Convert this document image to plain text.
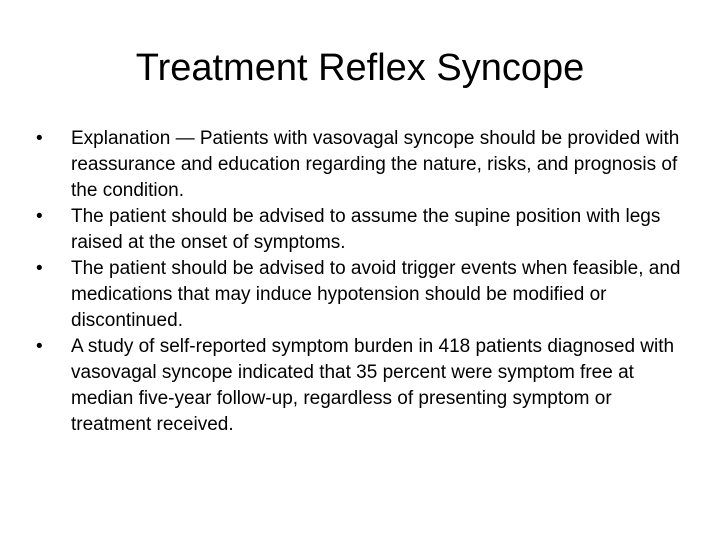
Treatment Reflex Syncope
•	Explanation — Patients with vasovagal syncope should be provided with reassurance and education regarding the nature, risks, and prognosis of the condition.
•	The patient should be advised to assume the supine position with legs raised at the onset of symptoms.
•	The patient should be advised to avoid trigger events when feasible, and medications that may induce hypotension should be modified or discontinued.
•	A study of self-reported symptom burden in 418 patients diagnosed with vasovagal syncope indicated that 35 percent were symptom free at median five-year follow-up, regardless of presenting symptom or treatment received.
